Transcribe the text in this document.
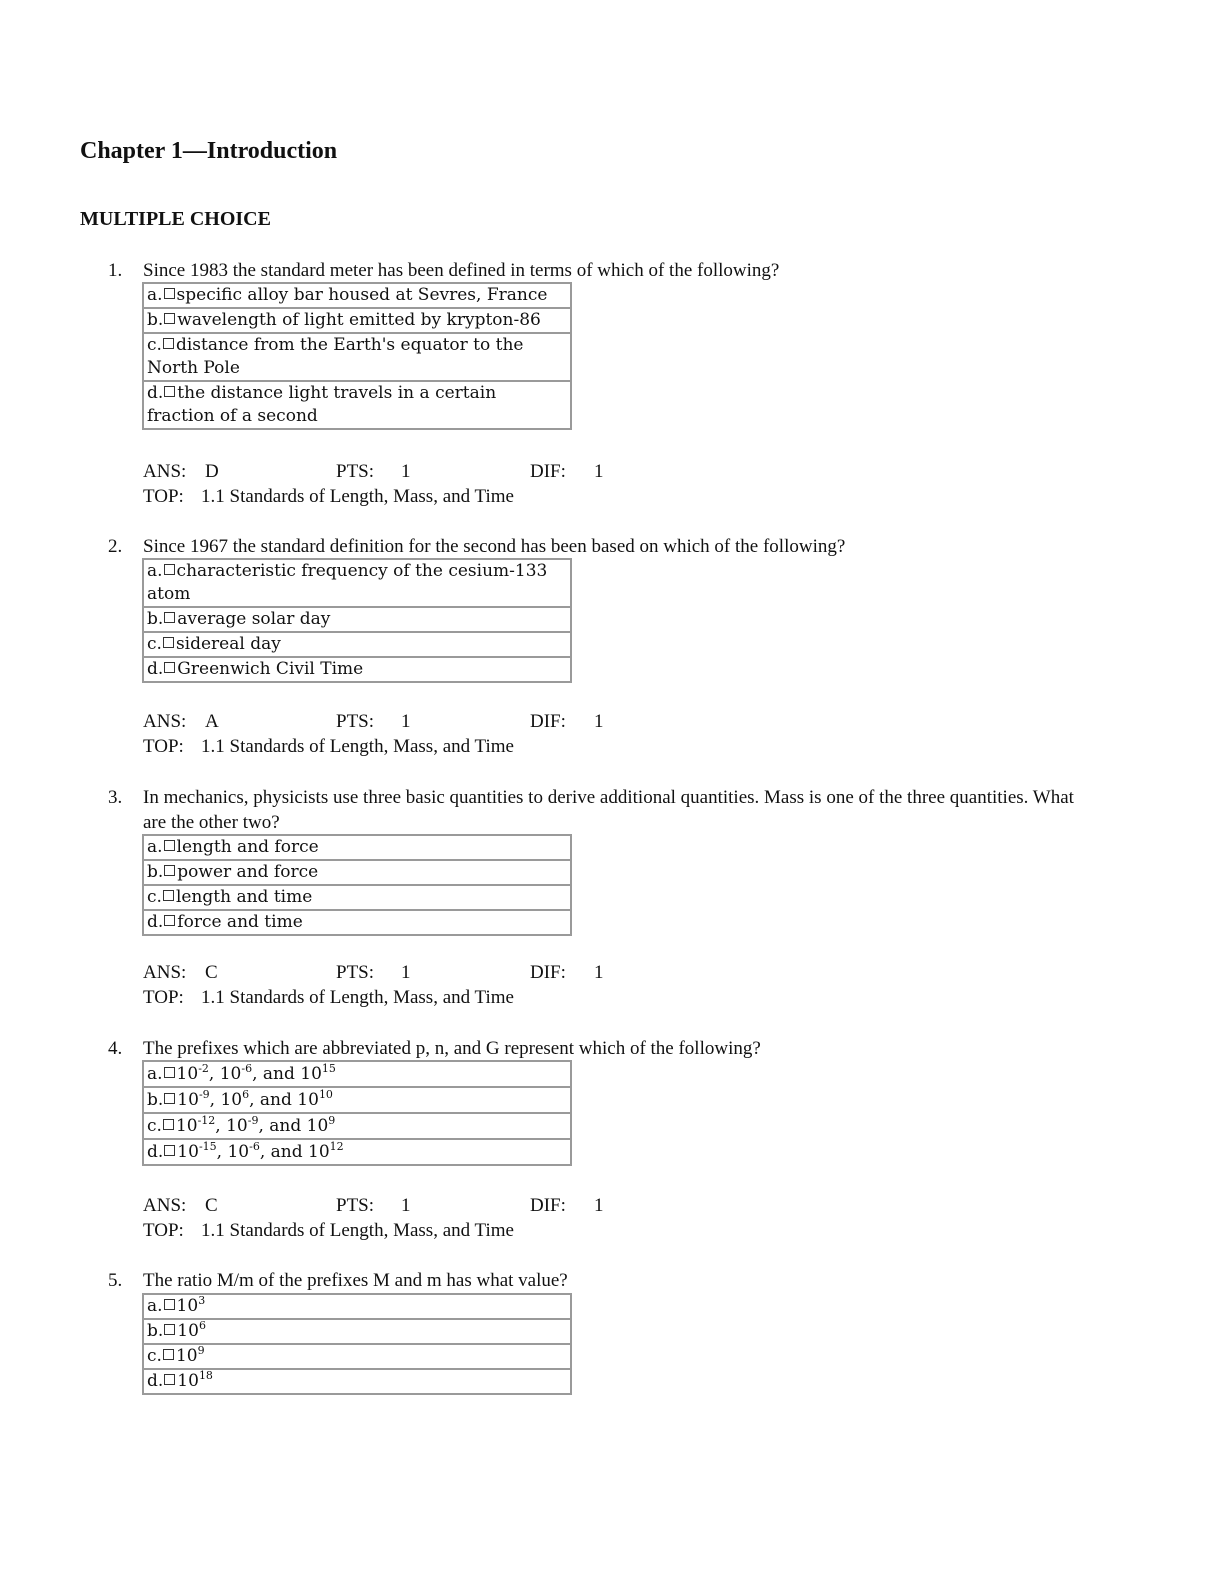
Chapter 1—Introduction
MULTIPLE CHOICE
1. Since 1983 the standard meter has been defined in terms of which of the following?
a. specific alloy bar housed at Sevres, France
b. wavelength of light emitted by krypton-86
c. distance from the Earth's equator to the North Pole
d. the distance light travels in a certain fraction of a second
ANS: D	PTS: 1	DIF: 1
TOP: 1.1 Standards of Length, Mass, and Time
2. Since 1967 the standard definition for the second has been based on which of the following?
a. characteristic frequency of the cesium-133 atom
b. average solar day
c. sidereal day
d. Greenwich Civil Time
ANS: A	PTS: 1	DIF: 1
TOP: 1.1 Standards of Length, Mass, and Time
3. In mechanics, physicists use three basic quantities to derive additional quantities. Mass is one of the three quantities. What are the other two?
a. length and force
b. power and force
c. length and time
d. force and time
ANS: C	PTS: 1	DIF: 1
TOP: 1.1 Standards of Length, Mass, and Time
4. The prefixes which are abbreviated p, n, and G represent which of the following?
a. $10^{-2}$, $10^{-6}$, and $10^{15}$
b. $10^{-9}$, $10^6$, and $10^{10}$
c. $10^{-12}$, $10^{-9}$, and $10^9$
d. $10^{-15}$, $10^{-6}$, and $10^{12}$
ANS: C	PTS: 1	DIF: 1
TOP: 1.1 Standards of Length, Mass, and Time
5. The ratio M/m of the prefixes M and m has what value?
a. $10^3$
b. $10^6$
c. $10^9$
d. $10^{18}$
